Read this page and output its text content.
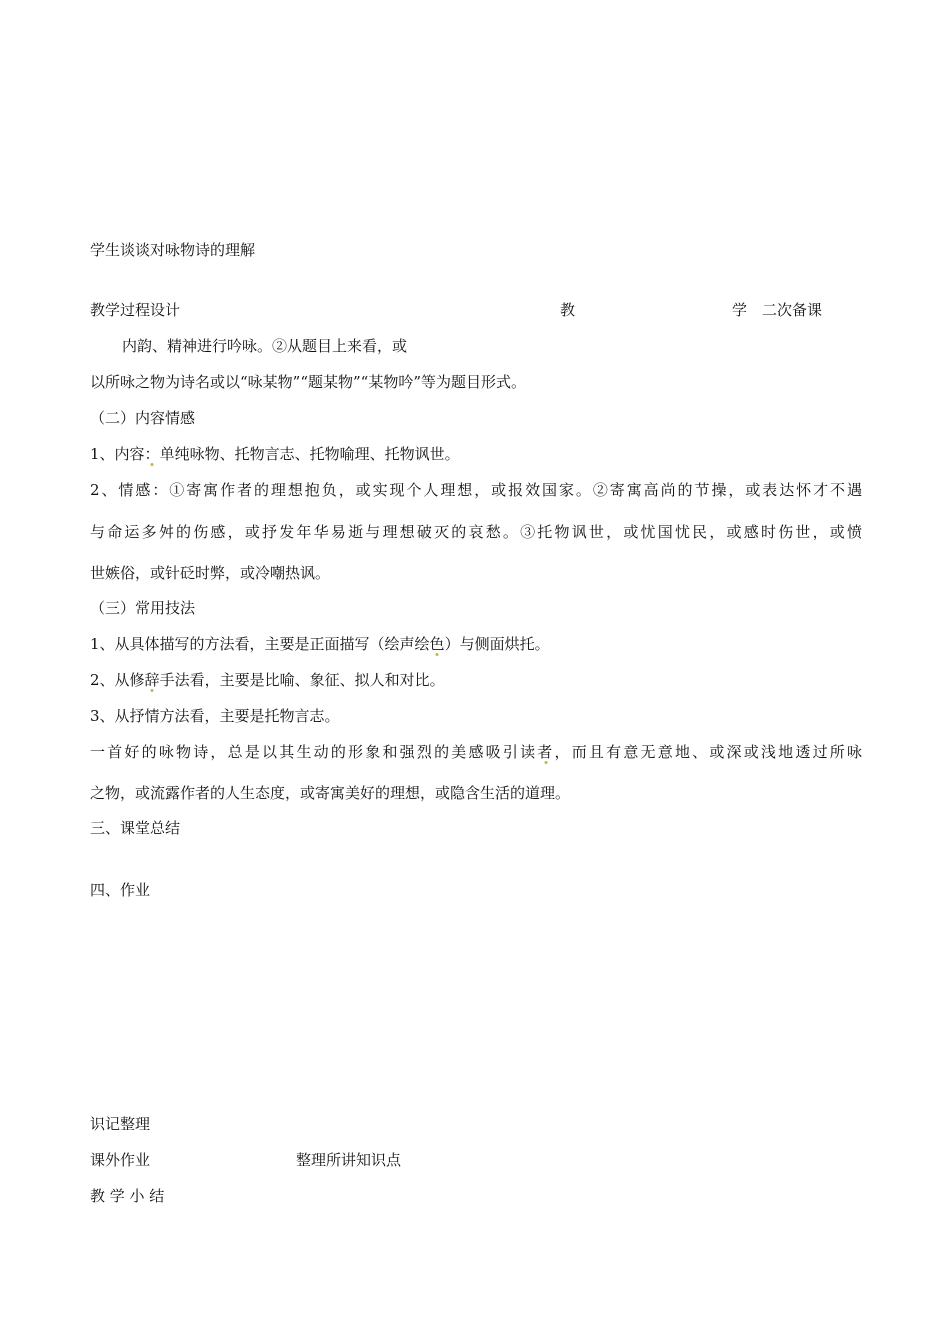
学生谈谈对咏物诗的理解
教学过程设计	教	学 二次备课
内韵、精神进行吟咏。②从题目上来看，或
以所咏之物为诗名或以“咏某物”“题某物”“某物吟”等为题目形式。
（二）内容情感
1、内容：单纯咏物、托物言志、托物喻理、托物讽世。
2、情感：①寄寓作者的理想抱负，或实现个人理想，或报效国家。②寄寓高尚的节操，或表达怀才不遇
与命运多舛的伤感，或抒发年华易逝与理想破灭的哀愁。③托物讽世，或忧国忧民，或感时伤世，或愤
世嫉俗，或针砭时弊，或冷嘲热讽。
（三）常用技法
1、从具体描写的方法看，主要是正面描写（绘声绘色）与侧面烘托。
2、从修辞手法看，主要是比喻、象征、拟人和对比。
3、从抒情方法看，主要是托物言志。
一首好的咏物诗，总是以其生动的形象和强烈的美感吸引读者，而且有意无意地、或深或浅地透过所咏
之物，或流露作者的人生态度，或寄寓美好的理想，或隐含生活的道理。
三、课堂总结
四、作业
识记整理
课外作业	整理所讲知识点
教 学 小 结
